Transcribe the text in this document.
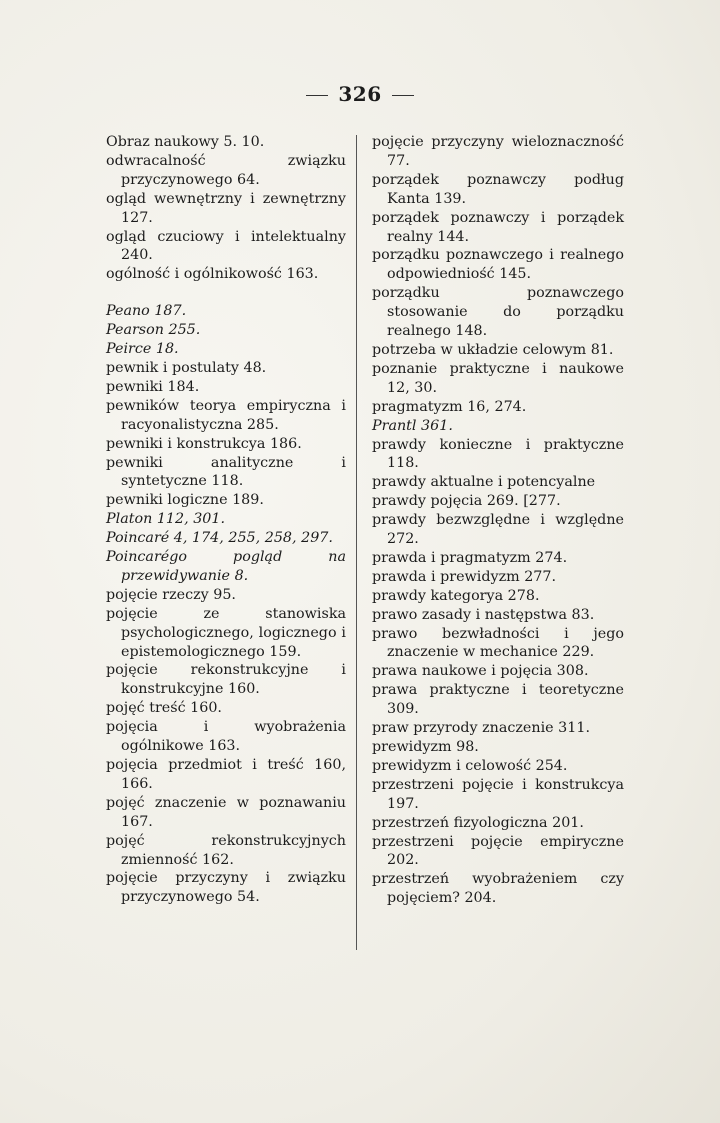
326
Obraz naukowy 5. 10.
odwracalność związku przyczynowego 64.
ogląd wewnętrzny i zewnętrzny 127.
ogląd czuciowy i intelektualny 240.
ogólność i ogólnikowość 163.
Peano 187.
Pearson 255.
Peirce 18.
pewnik i postulaty 48.
pewniki 184.
pewników teorya empiryczna i racyonalistyczna 285.
pewniki i konstrukcya 186.
pewniki analityczne i syntetyczne 118.
pewniki logiczne 189.
Platon 112, 301.
Poincaré 4, 174, 255, 258, 297.
Poincarégo pogląd na przewidywanie 8.
pojęcie rzeczy 95.
pojęcie ze stanowiska psychologicznego, logicznego i epistemologicznego 159.
pojęcie rekonstrukcyjne i konstrukcyjne 160.
pojęć treść 160.
pojęcia i wyobrażenia ogólnikowe 163.
pojęcia przedmiot i treść 160, 166.
pojęć znaczenie w poznawaniu 167.
pojęć rekonstrukcyjnych zmienność 162.
pojęcie przyczyny i związku przyczynowego 54.
pojęcie przyczyny wieloznaczność 77.
porządek poznawczy podług Kanta 139.
porządek poznawczy i porządek realny 144.
porządku poznawczego i realnego odpowiedniość 145.
porządku poznawczego stosowanie do porządku realnego 148.
potrzeba w układzie celowym 81.
poznanie praktyczne i naukowe 12, 30.
pragmatyzm 16, 274.
Prantl 361.
prawdy konieczne i praktyczne 118.
prawdy aktualne i potencyalne
prawdy pojęcia 269. [277.
prawdy bezwzględne i względne 272.
prawda i pragmatyzm 274.
prawda i prewidyzm 277.
prawdy kategorya 278.
prawo zasady i następstwa 83.
prawo bezwładności i jego znaczenie w mechanice 229.
prawa naukowe i pojęcia 308.
prawa praktyczne i teoretyczne 309.
praw przyrody znaczenie 311.
prewidyzm 98.
prewidyzm i celowość 254.
przestrzeni pojęcie i konstrukcya 197.
przestrzeń fizyologiczna 201.
przestrzeni pojęcie empiryczne 202.
przestrzeń wyobrażeniem czy pojęciem? 204.
